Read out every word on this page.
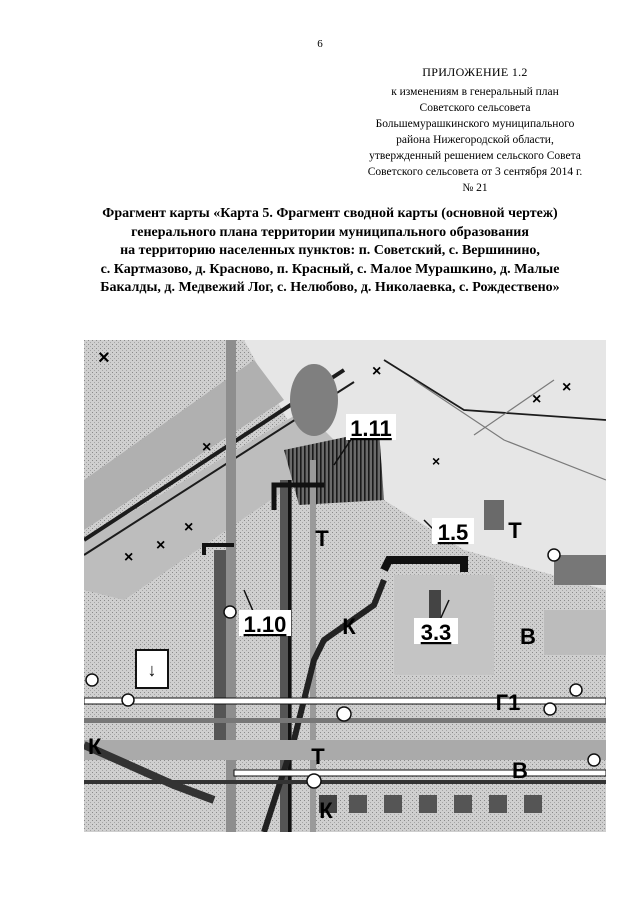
6
ПРИЛОЖЕНИЕ 1.2
к изменениям в генеральный план
Советского сельсовета
Большемурашкинского муниципального
района Нижегородской области,
утвержденный решением сельского Совета
Советского сельсовета от 3 сентября 2014 г.
№ 21
Фрагмент карты «Карта 5. Фрагмент сводной карты (основной чертеж)
генерального плана территории муниципального образования
на территорию населенных пунктов: п. Советский, с. Вершинино,
с. Картмазово, д. Красново, п. Красный, с. Малое Мурашкино, д. Малые
Бакалды, д. Медвежий Лог, с. Нелюбово, д. Николаевка, с. Рождествено»
↓
×
×
×
×
×
×
×
×
×
1.11
1.5
1.10	3.3
Т	Т
Т
К
К
В
В
Г1
К
